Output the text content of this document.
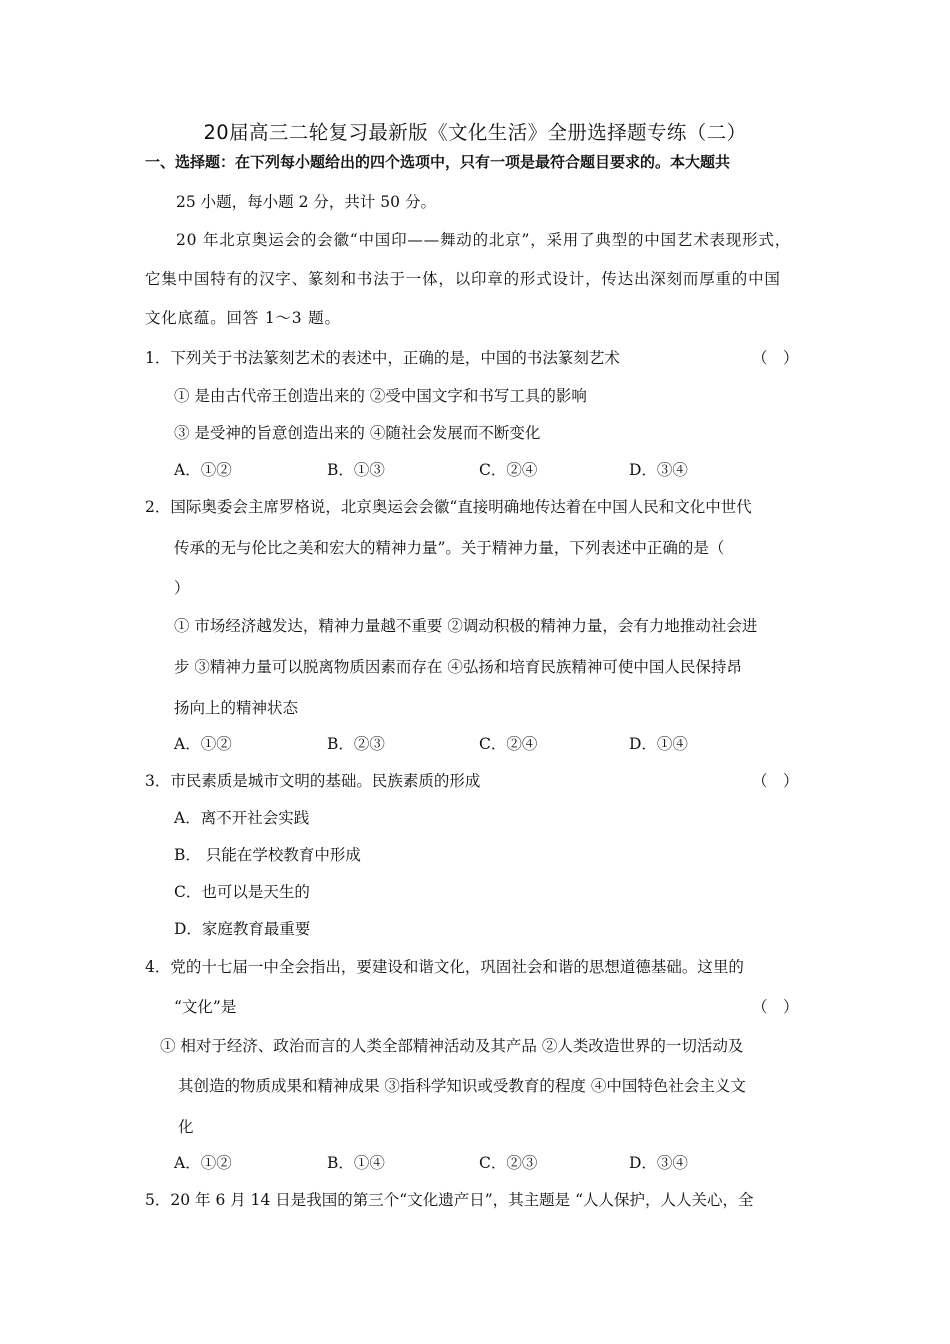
20届高三二轮复习最新版《文化生活》全册选择题专练（二）
一、选择题：在下列每小题给出的四个选项中，只有一项是最符合题目要求的。本大题共
25 小题，每小题 2 分，共计 50 分。
20 年北京奥运会的会徽“中国印——舞动的北京”，采用了典型的中国艺术表现形式，
它集中国特有的汉字、篆刻和书法于一体，以印章的形式设计，传达出深刻而厚重的中国
文化底蕴。回答 1～3 题。
1．下列关于书法篆刻艺术的表述中，正确的是，中国的书法篆刻艺术	（　）
① 是由古代帝王创造出来的 ②受中国文字和书写工具的影响
③ 是受神的旨意创造出来的 ④随社会发展而不断变化
A．①②	B．①③	C．②④	D．③④
2．国际奥委会主席罗格说，北京奥运会会徽“直接明确地传达着在中国人民和文化中世代
传承的无与伦比之美和宏大的精神力量”。关于精神力量，下列表述中正确的是（
）
① 市场经济越发达，精神力量越不重要 ②调动积极的精神力量，会有力地推动社会进
步 ③精神力量可以脱离物质因素而存在 ④弘扬和培育民族精神可使中国人民保持昂
扬向上的精神状态
A．①②	B．②③	C．②④	D．①④
3．市民素质是城市文明的基础。民族素质的形成	（　）
A．离不开社会实践
B． 只能在学校教育中形成
C．也可以是天生的
D．家庭教育最重要
4．党的十七届一中全会指出，要建设和谐文化，巩固社会和谐的思想道德基础。这里的
“文化”是	（　）
① 相对于经济、政治而言的人类全部精神活动及其产品 ②人类改造世界的一切活动及
其创造的物质成果和精神成果 ③指科学知识或受教育的程度 ④中国特色社会主义文
化
A．①②	B．①④	C．②③	D．③④
5．20 年 6 月 14 日是我国的第三个“文化遗产日”，其主题是 “人人保护，人人关心，全
